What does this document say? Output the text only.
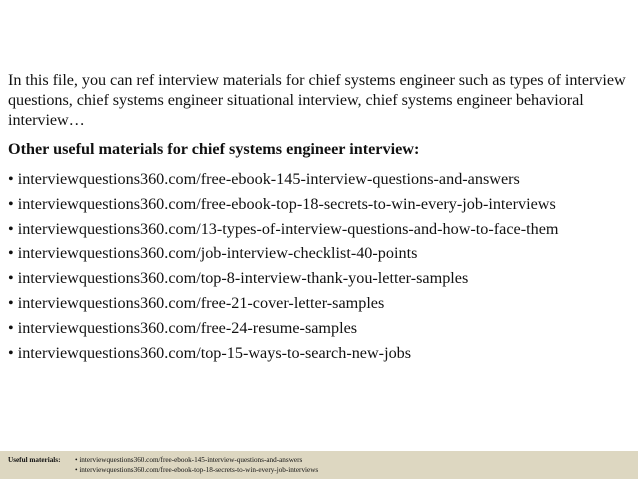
In this file, you can ref interview materials for chief systems engineer such as types of interview questions, chief systems engineer situational interview, chief systems engineer behavioral interview…

Other useful materials for chief systems engineer interview:

• interviewquestions360.com/free-ebook-145-interview-questions-and-answers
• interviewquestions360.com/free-ebook-top-18-secrets-to-win-every-job-interviews
• interviewquestions360.com/13-types-of-interview-questions-and-how-to-face-them
• interviewquestions360.com/job-interview-checklist-40-points
• interviewquestions360.com/top-8-interview-thank-you-letter-samples
• interviewquestions360.com/free-21-cover-letter-samples
• interviewquestions360.com/free-24-resume-samples
• interviewquestions360.com/top-15-ways-to-search-new-jobs
Useful materials: • interviewquestions360.com/free-ebook-145-interview-questions-and-answers
• interviewquestions360.com/free-ebook-top-18-secrets-to-win-every-job-interviews
